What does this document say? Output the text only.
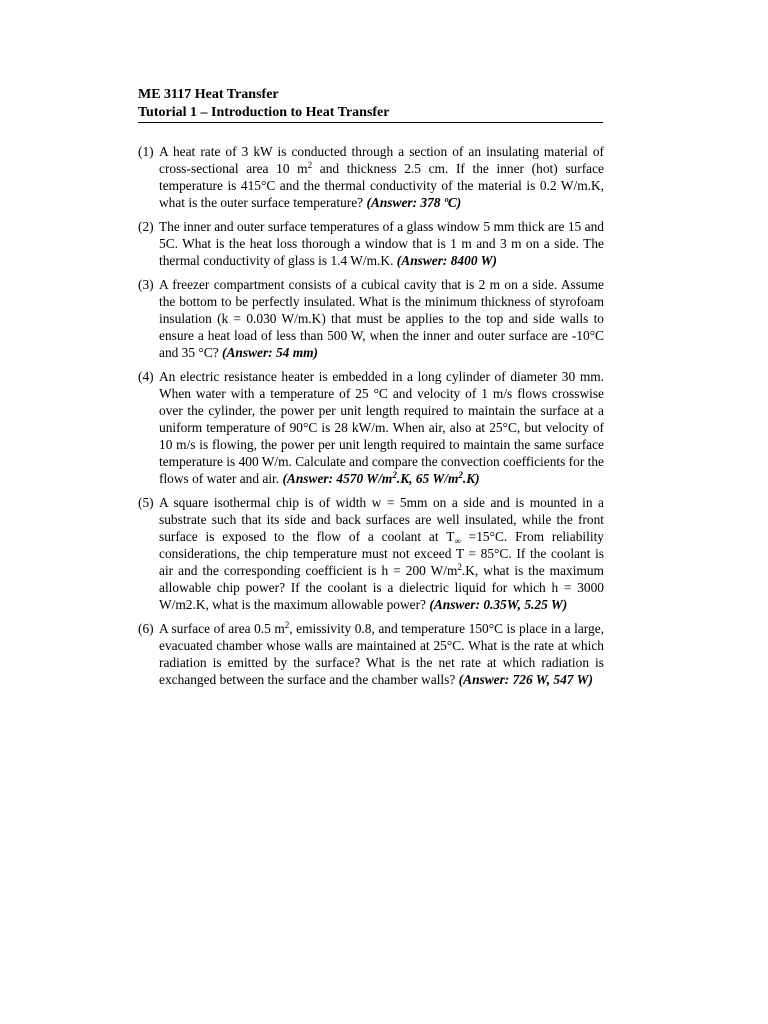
ME 3117 Heat Transfer
Tutorial 1 – Introduction to Heat Transfer
(1) A heat rate of 3 kW is conducted through a section of an insulating material of cross-sectional area 10 $m^2$ and thickness 2.5 cm. If the inner (hot) surface temperature is 415°C and the thermal conductivity of the material is 0.2 W/m.K, what is the outer surface temperature? (Answer: 378 ºC)
(2) The inner and outer surface temperatures of a glass window 5 mm thick are 15 and 5C. What is the heat loss thorough a window that is 1 m and 3 m on a side. The thermal conductivity of glass is 1.4 W/m.K. (Answer: 8400 W)
(3) A freezer compartment consists of a cubical cavity that is 2 m on a side. Assume the bottom to be perfectly insulated. What is the minimum thickness of styrofoam insulation (k = 0.030 W/m.K) that must be applies to the top and side walls to ensure a heat load of less than 500 W, when the inner and outer surface are -10°C and 35 °C? (Answer: 54 mm)
(4) An electric resistance heater is embedded in a long cylinder of diameter 30 mm. When water with a temperature of 25 °C and velocity of 1 m/s flows crosswise over the cylinder, the power per unit length required to maintain the surface at a uniform temperature of 90°C is 28 kW/m. When air, also at 25°C, but velocity of 10 m/s is flowing, the power per unit length required to maintain the same surface temperature is 400 W/m. Calculate and compare the convection coefficients for the flows of water and air. (Answer: 4570 $W/m^2.K$, 65 $W/m^2.K$)
(5) A square isothermal chip is of width w = 5mm on a side and is mounted in a substrate such that its side and back surfaces are well insulated, while the front surface is exposed to the flow of a coolant at $T_\infty =15^\circ C$. From reliability considerations, the chip temperature must not exceed T = 85°C. If the coolant is air and the corresponding coefficient is h = 200 $W/m^2.K$, what is the maximum allowable chip power? If the coolant is a dielectric liquid for which h = 3000 W/m2.K, what is the maximum allowable power? (Answer: 0.35W, 5.25 W)
(6) A surface of area 0.5 $m^2$, emissivity 0.8, and temperature 150°C is place in a large, evacuated chamber whose walls are maintained at 25°C. What is the rate at which radiation is emitted by the surface? What is the net rate at which radiation is exchanged between the surface and the chamber walls? (Answer: 726 W, 547 W)
